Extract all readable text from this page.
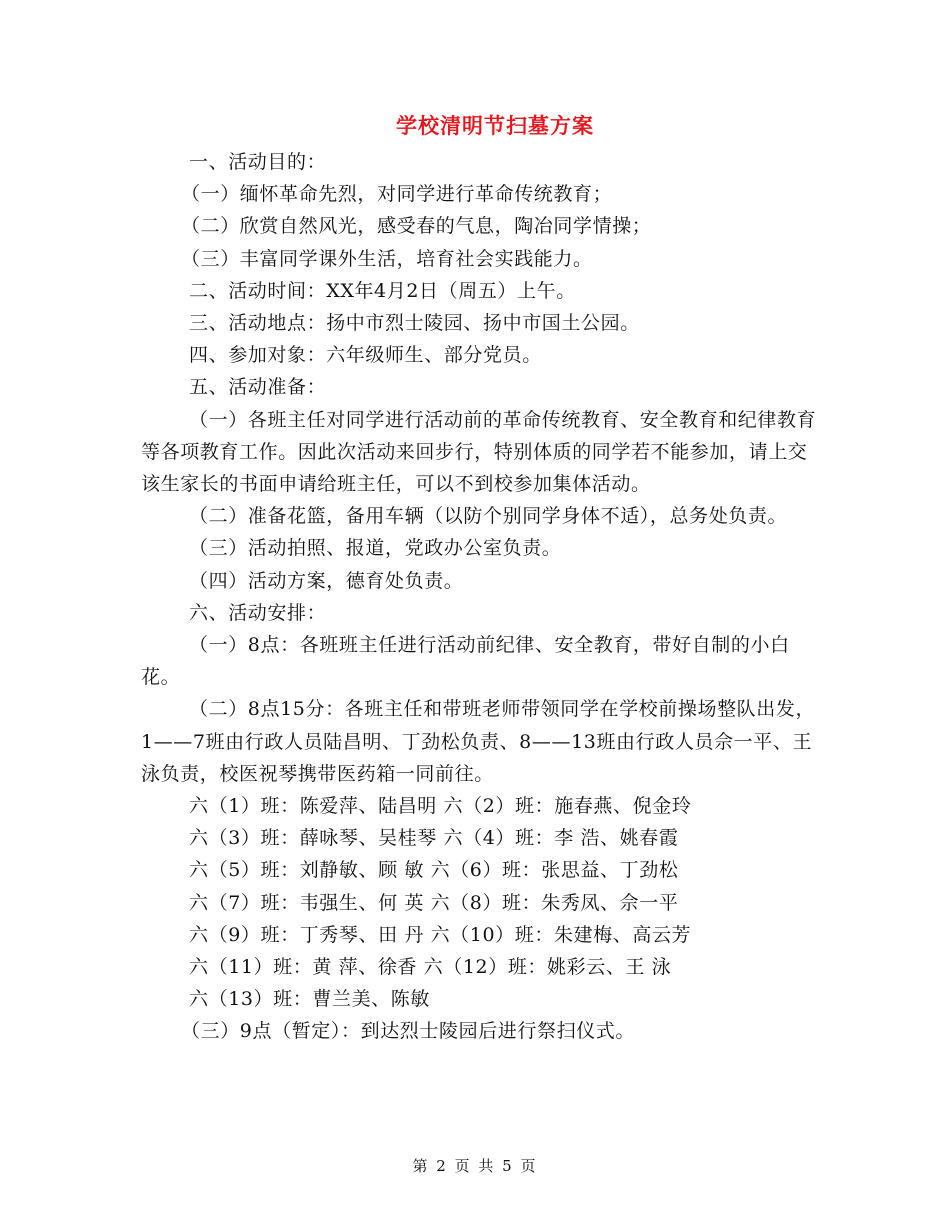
学校清明节扫墓方案

一、活动目的：

（一）缅怀革命先烈，对同学进行革命传统教育；

（二）欣赏自然风光，感受春的气息，陶冶同学情操；

（三）丰富同学课外生活，培育社会实践能力。

二、活动时间：XX年4月2日（周五）上午。

三、活动地点：扬中市烈士陵园、扬中市国土公园。

四、参加对象：六年级师生、部分党员。

五、活动准备：

（一）各班主任对同学进行活动前的革命传统教育、安全教育和纪律教育等各项教育工作。因此次活动来回步行，特别体质的同学若不能参加，请上交该生家长的书面申请给班主任，可以不到校参加集体活动。

（二）准备花篮，备用车辆（以防个别同学身体不适），总务处负责。

（三）活动拍照、报道，党政办公室负责。

（四）活动方案，德育处负责。

六、活动安排：

（一）8点：各班班主任进行活动前纪律、安全教育，带好自制的小白花。

（二）8点15分：各班主任和带班老师带领同学在学校前操场整队出发，1——7班由行政人员陆昌明、丁劲松负责、8——13班由行政人员佘一平、王泳负责，校医祝琴携带医药箱一同前往。

六（1）班：陈爱萍、陆昌明 六（2）班：施春燕、倪金玲

六（3）班：薛咏琴、吴桂琴 六（4）班：李 浩、姚春霞

六（5）班：刘静敏、顾 敏 六（6）班：张思益、丁劲松

六（7）班：韦强生、何 英 六（8）班：朱秀凤、佘一平

六（9）班：丁秀琴、田 丹 六（10）班：朱建梅、高云芳

六（11）班：黄 萍、徐香 六（12）班：姚彩云、王 泳

六（13）班：曹兰美、陈敏

（三）9点（暂定）：到达烈士陵园后进行祭扫仪式。

第 2 页 共 5 页
